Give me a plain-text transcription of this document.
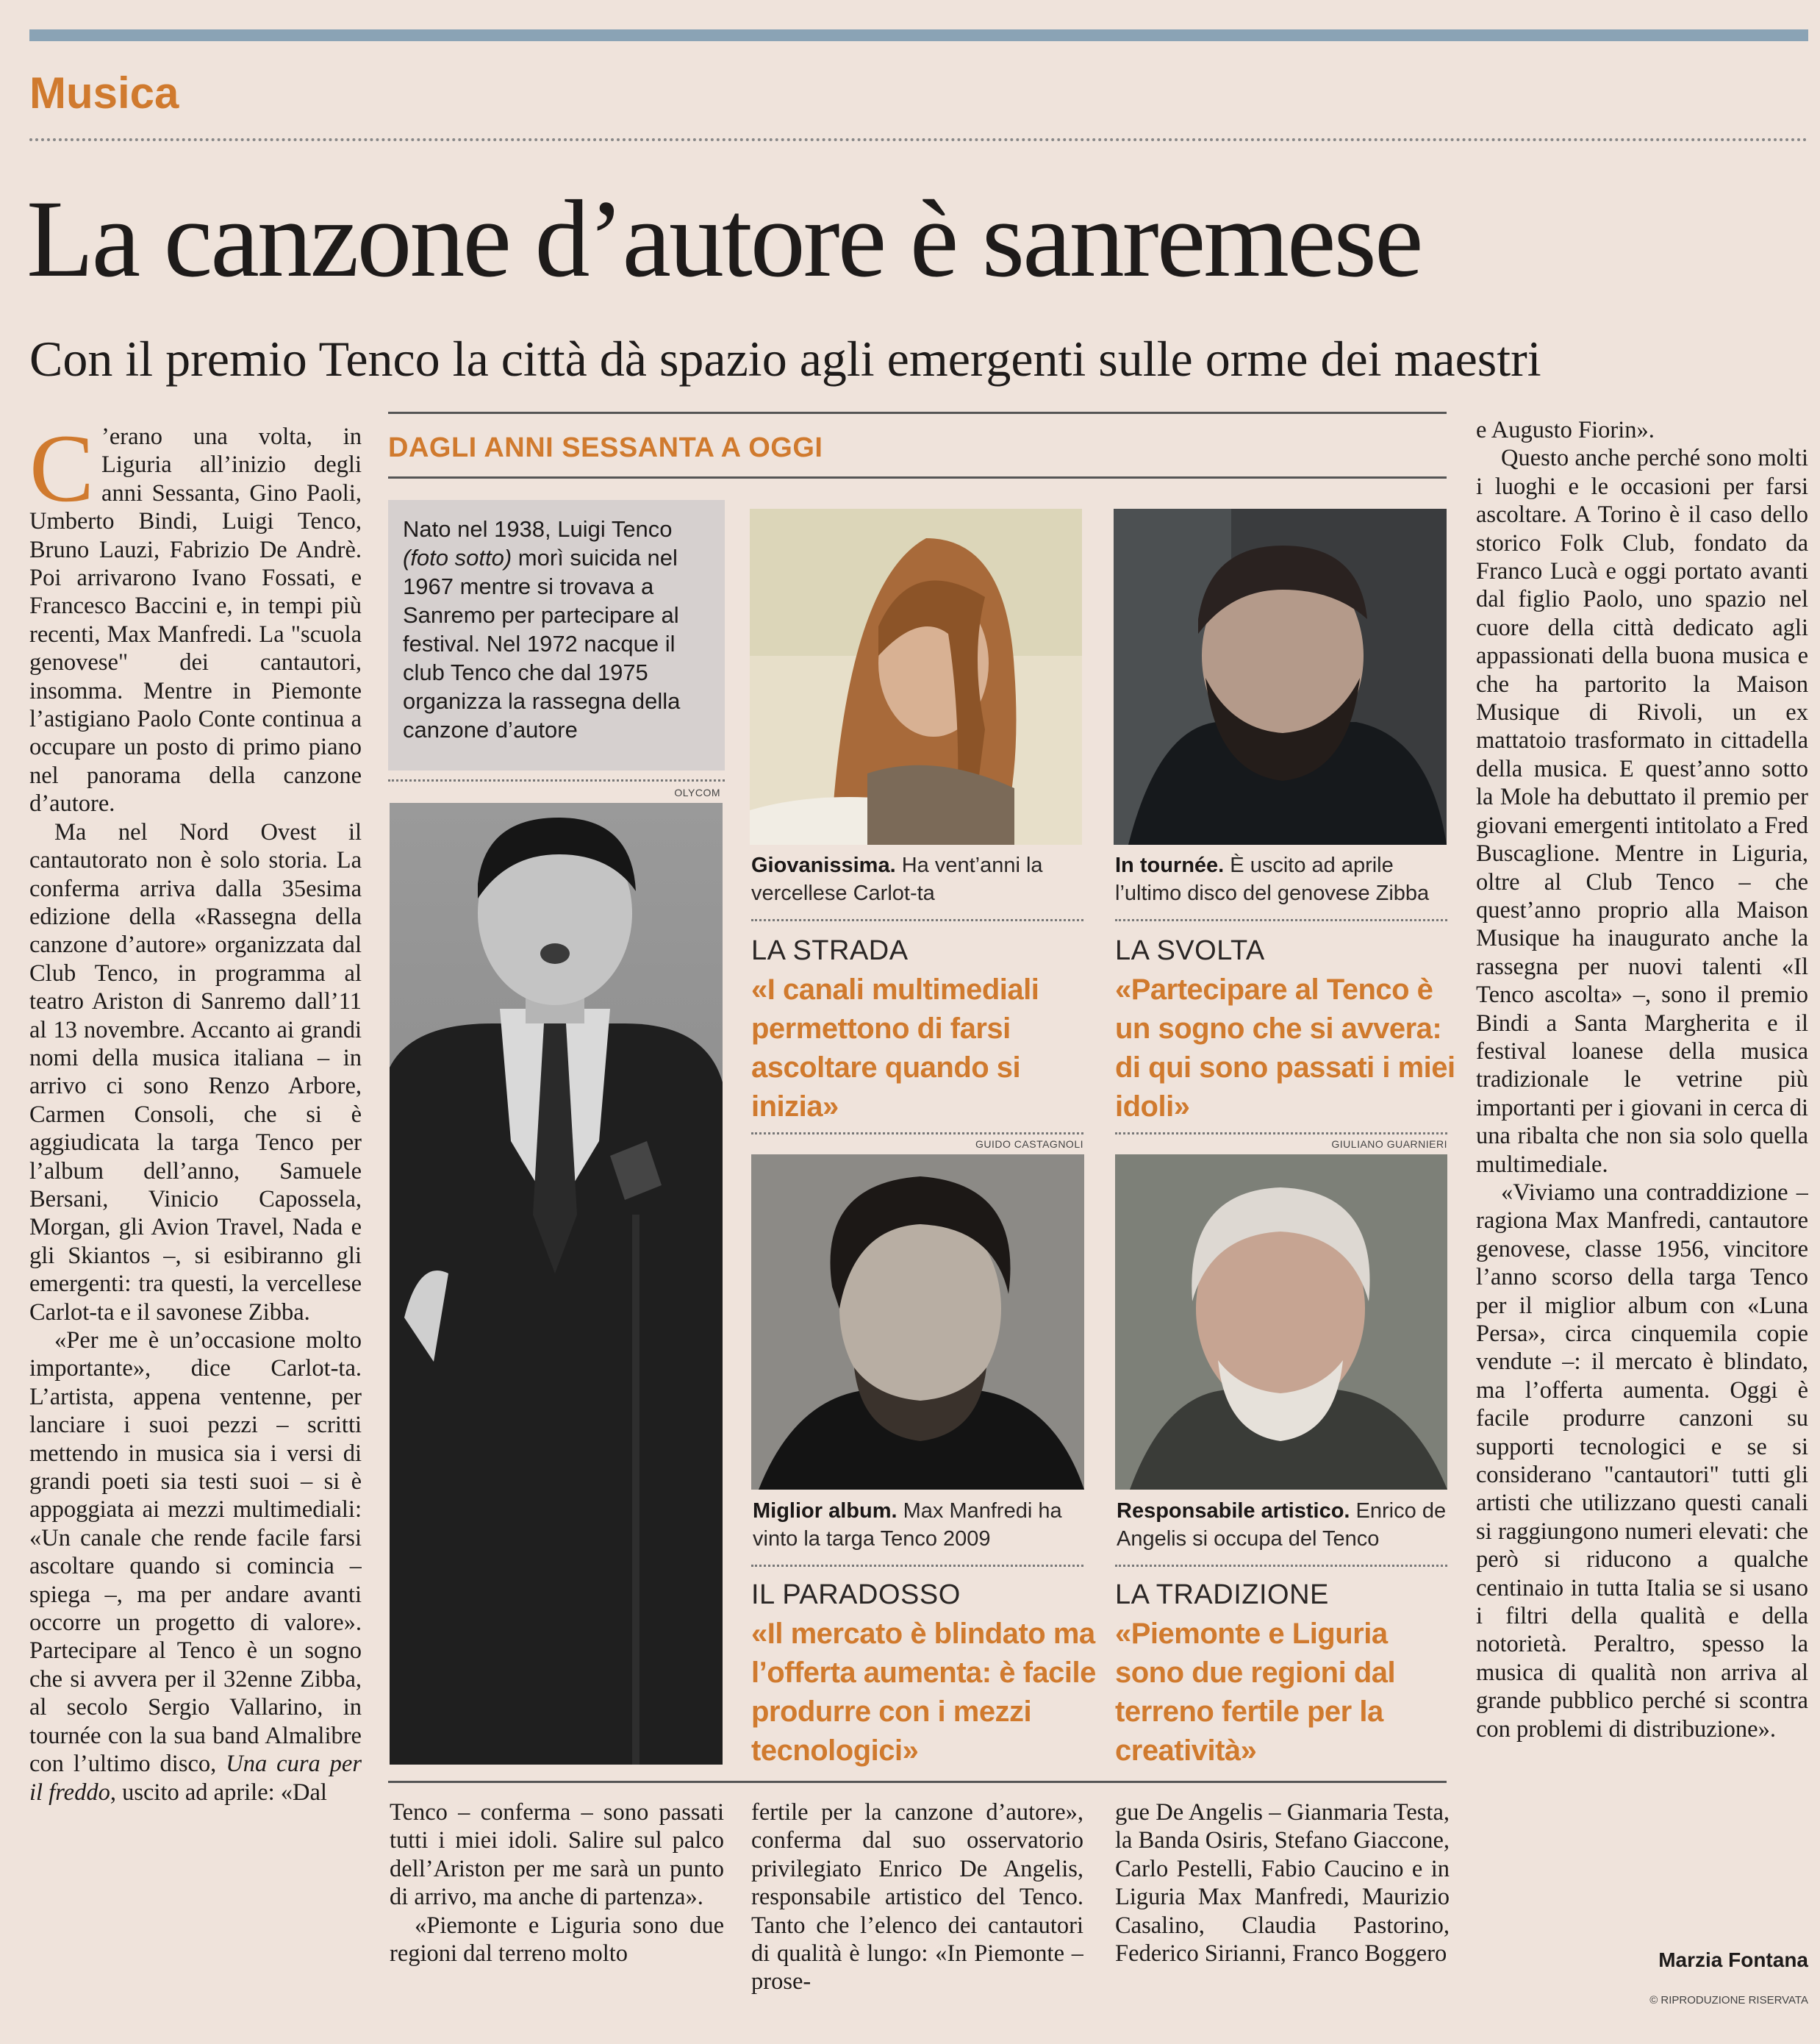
Musica
La canzone d’autore è sanremese
Con il premio Tenco la città dà spazio agli emergenti sulle orme dei maestri

C ’erano una volta, in Liguria all’inizio degli anni Sessanta, Gino Paoli, Umberto Bindi, Luigi Tenco, Bruno Lauzi, Fabrizio De Andrè. Poi arrivarono Ivano Fossati, e Francesco Baccini e, in tempi più recenti, Max Manfredi. La "scuola genovese" dei cantautori, insomma. Mentre in Piemonte l’astigiano Paolo Conte continua a occupare un posto di primo piano nel panorama della canzone d’autore.

Ma nel Nord Ovest il cantautorato non è solo storia. La conferma arriva dalla 35esima edizione della «Rassegna della canzone d’autore» organizzata dal Club Tenco, in programma al teatro Ariston di Sanremo dall’11 al 13 novembre. Accanto ai grandi nomi della musica italiana – in arrivo ci sono Renzo Arbore, Carmen Consoli, che si è aggiudicata la targa Tenco per l’album dell’anno, Samuele Bersani, Vinicio Capossela, Morgan, gli Avion Travel, Nada e gli Skiantos –, si esibiranno gli emergenti: tra questi, la vercellese Carlot-ta e il savonese Zibba.

«Per me è un’occasione molto importante», dice Carlot-ta. L’artista, appena ventenne, per lanciare i suoi pezzi – scritti mettendo in musica sia i versi di grandi poeti sia testi suoi – si è appoggiata ai mezzi multimediali: «Un canale che rende facile farsi ascoltare quando si comincia – spiega –, ma per andare avanti occorre un progetto di valore». Partecipare al Tenco è un sogno che si avvera per il 32enne Zibba, al secolo Sergio Vallarino, in tournée con la sua band Almalibre con l’ultimo disco, Una cura per il freddo, uscito ad aprile: «Dal

DAGLI ANNI SESSANTA A OGGI
Nato nel 1938, Luigi Tenco (foto sotto) morì suicida nel 1967 mentre si trovava a Sanremo per partecipare al festival. Nel 1972 nacque il club Tenco che dal 1975 organizza la rassegna della canzone d’autore
OLYCOM
Giovanissima. Ha vent’anni la vercellese Carlot-ta
LA STRADA
«I canali multimediali permettono di farsi ascoltare quando si inizia»
In tournée. È uscito ad aprile l’ultimo disco del genovese Zibba
LA SVOLTA
«Partecipare al Tenco è un sogno che si avvera: di qui sono passati i miei idoli»
GUIDO CASTAGNOLI
Miglior album. Max Manfredi ha vinto la targa Tenco 2009
IL PARADOSSO
«Il mercato è blindato ma l’offerta aumenta: è facile produrre con i mezzi tecnologici»
GIULIANO GUARNIERI
Responsabile artistico. Enrico de Angelis si occupa del Tenco
LA TRADIZIONE
«Piemonte e Liguria sono due regioni dal terreno fertile per la creatività»

Tenco – conferma – sono passati tutti i miei idoli. Salire sul palco dell’Ariston per me sarà un punto di arrivo, ma anche di partenza».

«Piemonte e Liguria sono due regioni dal terreno molto

fertile per la canzone d’autore», conferma dal suo osservatorio privilegiato Enrico De Angelis, responsabile artistico del Tenco. Tanto che l’elenco dei cantautori di qualità è lungo: «In Piemonte – prose-

gue De Angelis – Gianmaria Testa, la Banda Osiris, Stefano Giaccone, Carlo Pestelli, Fabio Caucino e in Liguria Max Manfredi, Maurizio Casalino, Claudia Pastorino, Federico Sirianni, Franco Boggero

e Augusto Fiorin».

Questo anche perché sono molti i luoghi e le occasioni per farsi ascoltare. A Torino è il caso dello storico Folk Club, fondato da Franco Lucà e oggi portato avanti dal figlio Paolo, uno spazio nel cuore della città dedicato agli appassionati della buona musica e che ha partorito la Maison Musique di Rivoli, un ex mattatoio trasformato in cittadella della musica. E quest’anno sotto la Mole ha debuttato il premio per giovani emergenti intitolato a Fred Buscaglione. Mentre in Liguria, oltre al Club Tenco – che quest’anno proprio alla Maison Musique ha inaugurato anche la rassegna per nuovi talenti «Il Tenco ascolta» –, sono il premio Bindi a Santa Margherita e il festival loanese della musica tradizionale le vetrine più importanti per i giovani in cerca di una ribalta che non sia solo quella multimediale.

«Viviamo una contraddizione – ragiona Max Manfredi, cantautore genovese, classe 1956, vincitore l’anno scorso della targa Tenco per il miglior album con «Luna Persa», circa cinquemila copie vendute –: il mercato è blindato, ma l’offerta aumenta. Oggi è facile produrre canzoni su supporti tecnologici e se si considerano "cantautori" tutti gli artisti che utilizzano questi canali si raggiungono numeri elevati: che però si riducono a qualche centinaio in tutta Italia se si usano i filtri della qualità e della notorietà. Peraltro, spesso la musica di qualità non arriva al grande pubblico perché si scontra con problemi di distribuzione».

Marzia Fontana
© RIPRODUZIONE RISERVATA
